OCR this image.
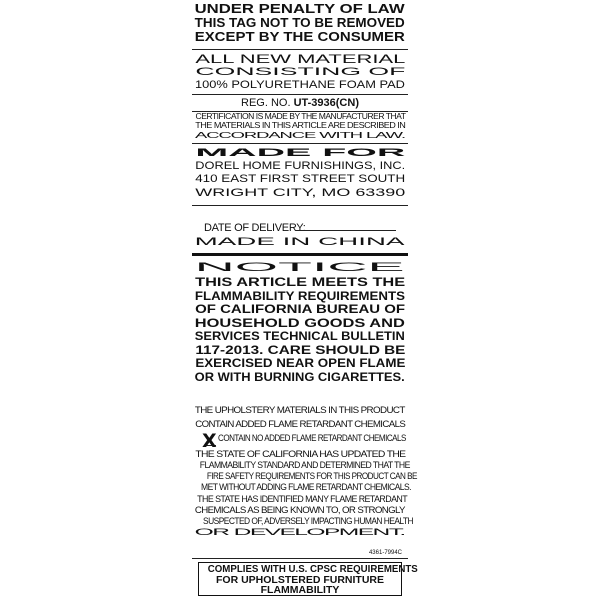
UNDER PENALTY OF LAW
THIS TAG NOT TO BE REMOVED
EXCEPT BY THE CONSUMER
ALL NEW MATERIAL
CONSISTING OF
100% POLYURETHANE FOAM PAD
REG. NO. UT-3936(CN)
CERTIFICATION IS MADE BY THE MANUFACTURER THAT
THE MATERIALS IN THIS ARTICLE ARE DESCRIBED IN
ACCORDANCE WITH LAW.
MADE FOR
DOREL HOME FURNISHINGS, INC.
410 EAST FIRST STREET SOUTH
WRIGHT CITY, MO 63390
DATE OF DELIVERY:
MADE IN CHINA
NOTICE
THIS ARTICLE MEETS THE
FLAMMABILITY REQUIREMENTS
OF CALIFORNIA BUREAU OF
HOUSEHOLD GOODS AND
SERVICES TECHNICAL BULLETIN
117-2013. CARE SHOULD BE
EXERCISED NEAR OPEN FLAME
OR WITH BURNING CIGARETTES.
THE UPHOLSTERY MATERIALS IN THIS PRODUCT
CONTAIN ADDED FLAME RETARDANT CHEMICALS
X CONTAIN NO ADDED FLAME RETARDANT CHEMICALS
THE STATE OF CALIFORNIA HAS UPDATED THE
FLAMMABILITY STANDARD AND DETERMINED THAT THE
FIRE SAFETY REQUIREMENTS FOR THIS PRODUCT CAN BE
MET WITHOUT ADDING FLAME RETARDANT CHEMICALS.
THE STATE HAS IDENTIFIED MANY FLAME RETARDANT
CHEMICALS AS BEING KNOWN TO, OR STRONGLY
SUSPECTED OF, ADVERSELY IMPACTING HUMAN HEALTH
OR DEVELOPMENT.
4361-7994C
COMPLIES WITH U.S. CPSC REQUIREMENTS
FOR UPHOLSTERED FURNITURE
FLAMMABILITY
